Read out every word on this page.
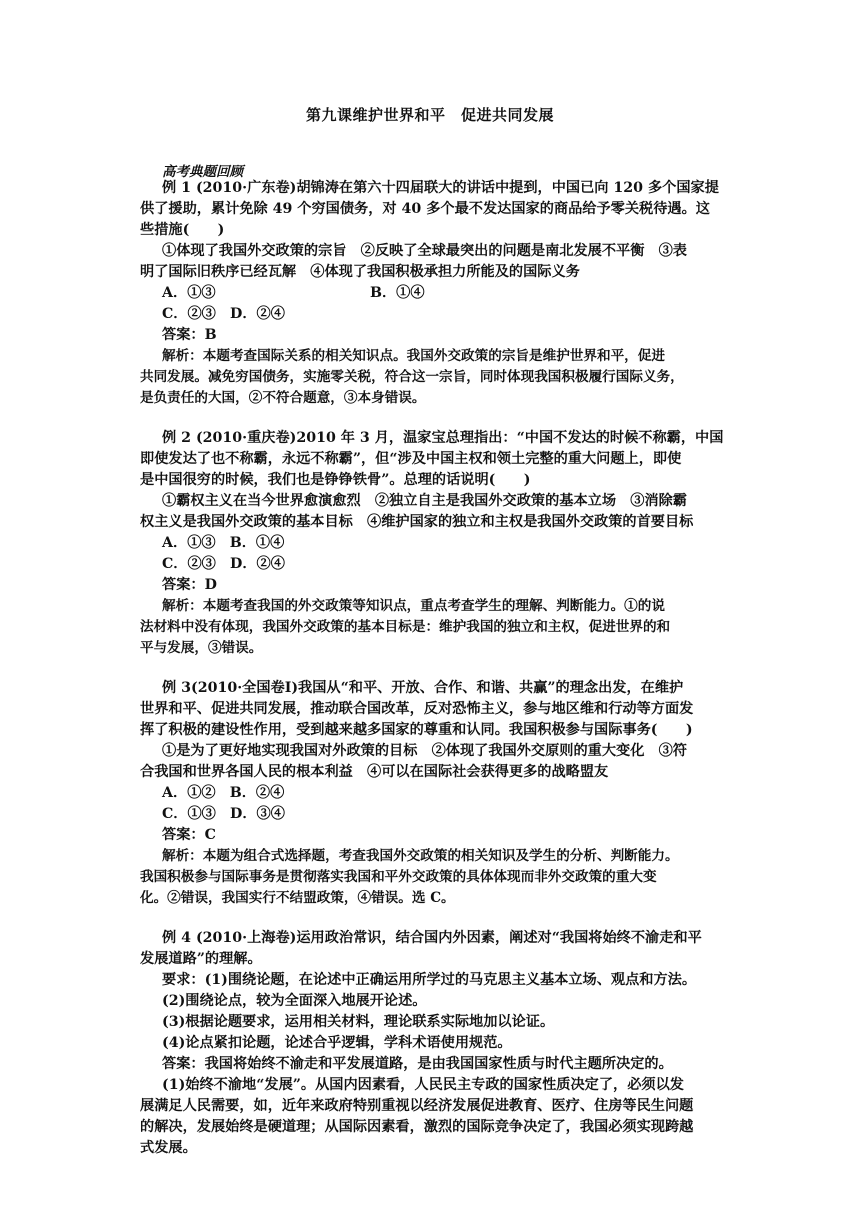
第九课维护世界和平　促进共同发展
高考典题回顾
例 1 (2010·广东卷)胡锦涛在第六十四届联大的讲话中提到，中国已向 120 多个国家提
供了援助，累计免除 49 个穷国债务，对 40 多个最不发达国家的商品给予零关税待遇。这
些措施(　　)
①体现了我国外交政策的宗旨　②反映了全球最突出的问题是南北发展不平衡　③表
明了国际旧秩序已经瓦解　④体现了我国积极承担力所能及的国际义务
A．①③	B．①④
C．②③　D．②④
答案：B
解析：本题考查国际关系的相关知识点。我国外交政策的宗旨是维护世界和平，促进
共同发展。减免穷国债务，实施零关税，符合这一宗旨，同时体现我国积极履行国际义务，
是负责任的大国，②不符合题意，③本身错误。
例 2 (2010·重庆卷)2010 年 3 月，温家宝总理指出：“中国不发达的时候不称霸，中国
即使发达了也不称霸，永远不称霸”，但“涉及中国主权和领土完整的重大问题上，即使
是中国很穷的时候，我们也是铮铮铁骨”。总理的话说明(　　)
①霸权主义在当今世界愈演愈烈　②独立自主是我国外交政策的基本立场　③消除霸
权主义是我国外交政策的基本目标　④维护国家的独立和主权是我国外交政策的首要目标
A．①③　B．①④
C．②③　D．②④
答案：D
解析：本题考查我国的外交政策等知识点，重点考查学生的理解、判断能力。①的说
法材料中没有体现，我国外交政策的基本目标是：维护我国的独立和主权，促进世界的和
平与发展，③错误。
例 3(2010·全国卷Ⅰ)我国从“和平、开放、合作、和谐、共赢”的理念出发，在维护
世界和平、促进共同发展，推动联合国改革，反对恐怖主义，参与地区维和行动等方面发
挥了积极的建设性作用，受到越来越多国家的尊重和认同。我国积极参与国际事务(　　)
①是为了更好地实现我国对外政策的目标　②体现了我国外交原则的重大变化　③符
合我国和世界各国人民的根本利益　④可以在国际社会获得更多的战略盟友
A．①②　B．②④
C．①③　D．③④
答案：C
解析：本题为组合式选择题，考查我国外交政策的相关知识及学生的分析、判断能力。
我国积极参与国际事务是贯彻落实我国和平外交政策的具体体现而非外交政策的重大变
化。②错误，我国实行不结盟政策，④错误。选 C。
例 4 (2010·上海卷)运用政治常识，结合国内外因素，阐述对“我国将始终不渝走和平
发展道路”的理解。
要求：(1)围绕论题，在论述中正确运用所学过的马克思主义基本立场、观点和方法。
(2)围绕论点，较为全面深入地展开论述。
(3)根据论题要求，运用相关材料，理论联系实际地加以论证。
(4)论点紧扣论题，论述合乎逻辑，学科术语使用规范。
答案：我国将始终不渝走和平发展道路，是由我国国家性质与时代主题所决定的。
(1)始终不渝地“发展”。从国内因素看，人民民主专政的国家性质决定了，必须以发
展满足人民需要，如，近年来政府特别重视以经济发展促进教育、医疗、住房等民生问题
的解决，发展始终是硬道理；从国际因素看，激烈的国际竞争决定了，我国必须实现跨越
式发展。
